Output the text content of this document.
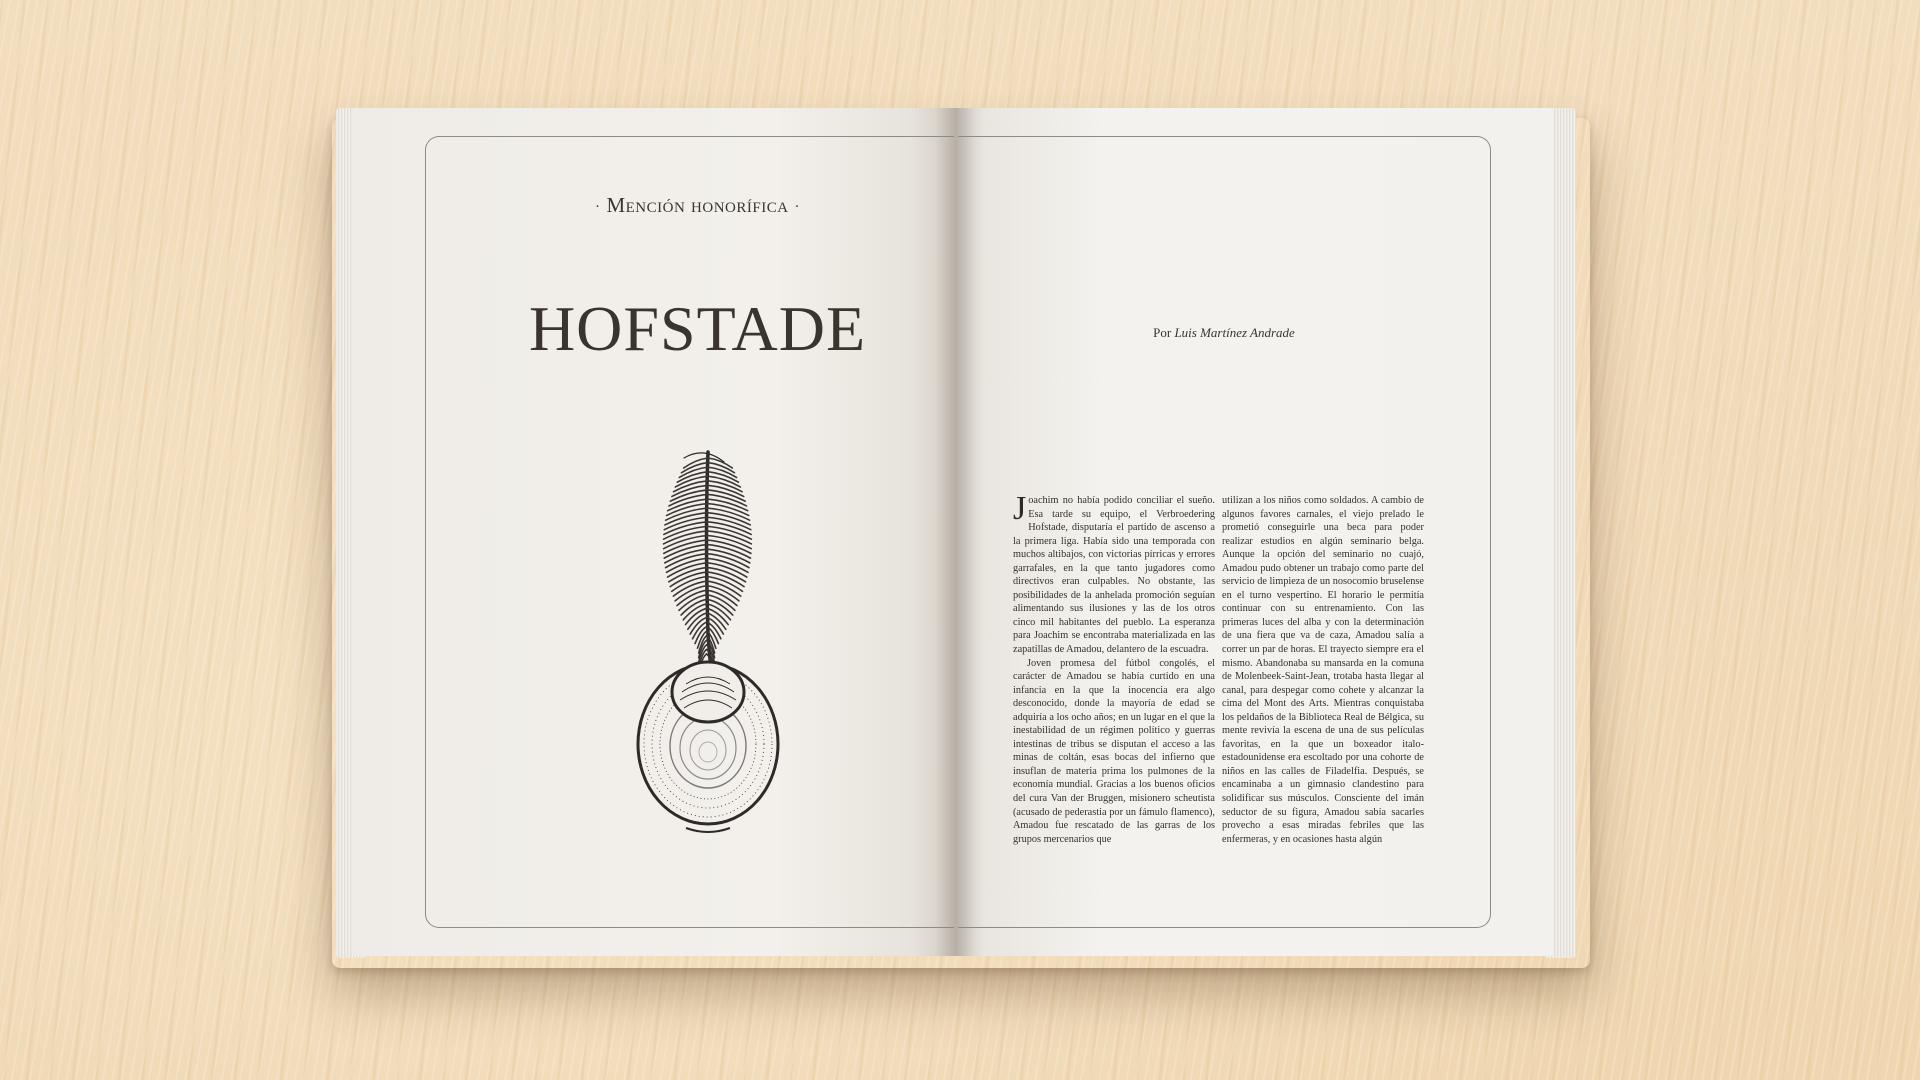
· Mención honorífica ·
HOFSTADE	Por Luis Martínez Andrade

Joachim no había podido conciliar el sueño. Esa tarde su equipo, el Verbroedering Hofstade, disputaría el partido de ascenso a la primera liga. Había sido una temporada con muchos altibajos, con victorias pírricas y errores garrafales, en la que tanto jugadores como directivos eran culpables. No obstante, las posibilidades de la anhelada promoción seguían alimentando sus ilusiones y las de los otros cinco mil habitantes del pueblo. La esperanza para Joachim se encontraba materializada en las zapatillas de Amadou, delantero de la escuadra.

Joven promesa del fútbol congolés, el carácter de Amadou se había curtido en una infancia en la que la inocencia era algo desconocido, donde la mayoría de edad se adquiría a los ocho años; en un lugar en el que la inestabilidad de un régimen político y guerras intestinas de tribus se disputan el acceso a las minas de coltán, esas bocas del infierno que insuflan de materia prima los pulmones de la economía mundial. Gracias a los buenos oficios del cura Van der Bruggen, misionero scheutista (acusado de pederastia por un fámulo flamenco), Amadou fue rescatado de las garras de los grupos mercenarios que

utilizan a los niños como soldados. A cambio de algunos favores carnales, el viejo prelado le prometió conseguirle una beca para poder realizar estudios en algún seminario belga. Aunque la opción del seminario no cuajó, Amadou pudo obtener un trabajo como parte del servicio de limpieza de un nosocomio bruselense en el turno vespertino. El horario le permitía continuar con su entrenamiento. Con las primeras luces del alba y con la determinación de una fiera que va de caza, Amadou salía a correr un par de horas. El trayecto siempre era el mismo. Abandonaba su mansarda en la comuna de Molenbeek-Saint-Jean, trotaba hasta llegar al canal, para despegar como cohete y alcanzar la cima del Mont des Arts. Mientras conquistaba los peldaños de la Biblioteca Real de Bélgica, su mente revivía la escena de una de sus películas favoritas, en la que un boxeador italo-estadounidense era escoltado por una cohorte de niños en las calles de Filadelfia. Después, se encaminaba a un gimnasio clandestino para solidificar sus músculos. Consciente del imán seductor de su figura, Amadou sabía sacarles provecho a esas miradas febriles que las enfermeras, y en ocasiones hasta algún
